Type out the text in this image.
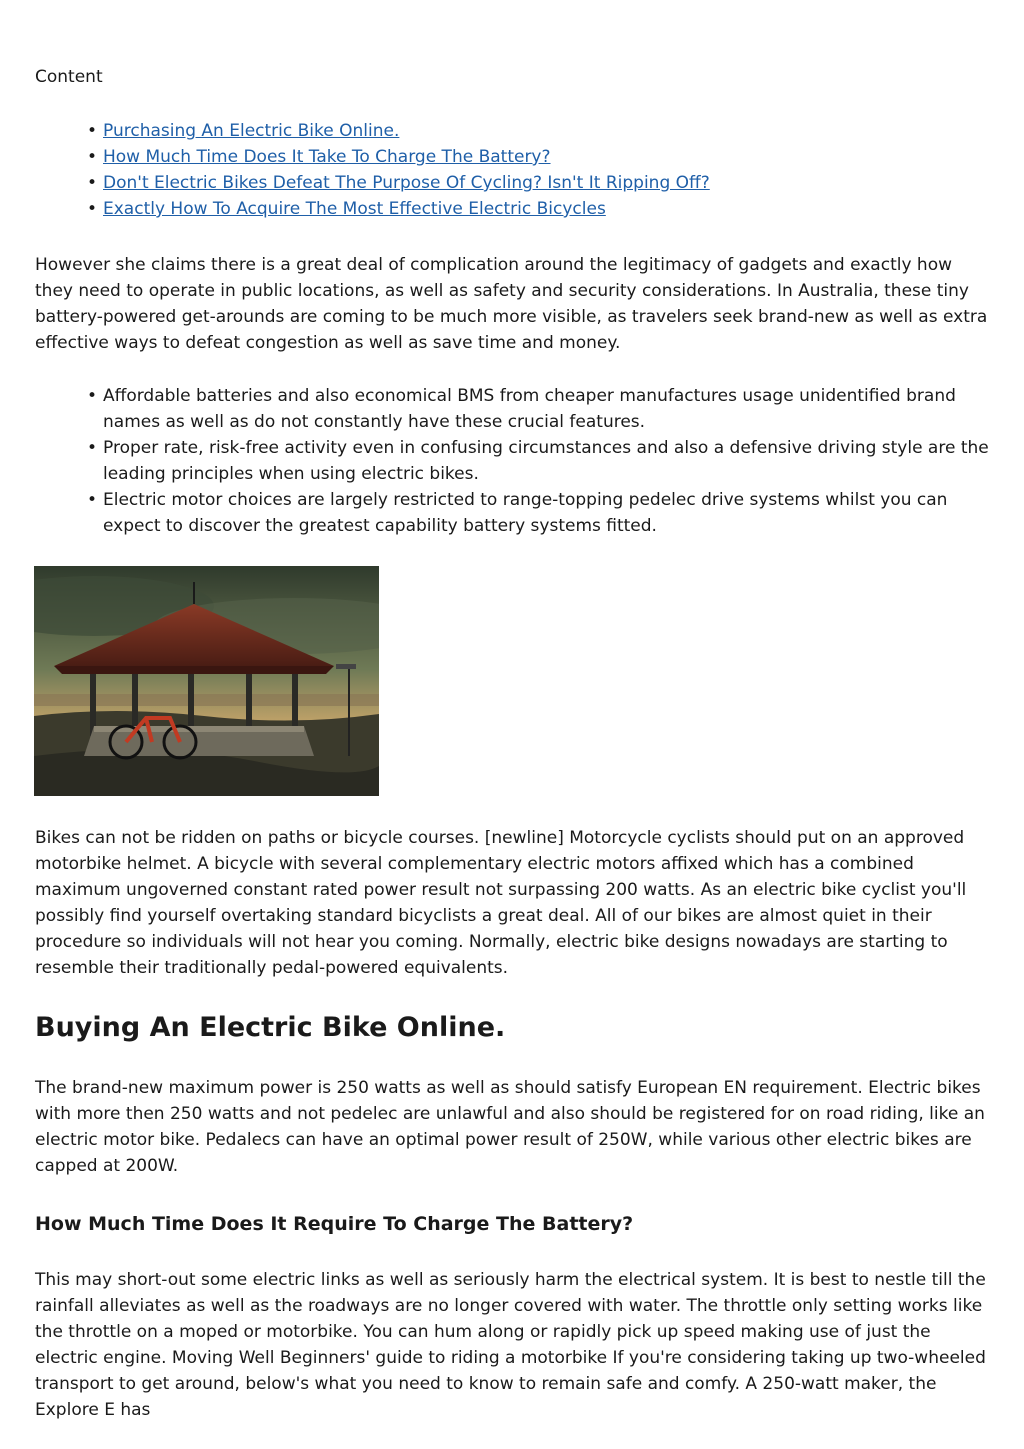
Content

• Purchasing An Electric Bike Online.
• How Much Time Does It Take To Charge The Battery?
• Don't Electric Bikes Defeat The Purpose Of Cycling? Isn't It Ripping Off?
• Exactly How To Acquire The Most Effective Electric Bicycles

However she claims there is a great deal of complication around the legitimacy of gadgets and exactly how they need to operate in public locations, as well as safety and security considerations. In Australia, these tiny battery-powered get-arounds are coming to be much more visible, as travelers seek brand-new as well as extra effective ways to defeat congestion as well as save time and money.

• Affordable batteries and also economical BMS from cheaper manufactures usage unidentified brand names as well as do not constantly have these crucial features.
• Proper rate, risk-free activity even in confusing circumstances and also a defensive driving style are the leading principles when using electric bikes.
• Electric motor choices are largely restricted to range-topping pedelec drive systems whilst you can expect to discover the greatest capability battery systems fitted.

Bikes can not be ridden on paths or bicycle courses. [newline] Motorcycle cyclists should put on an approved motorbike helmet. A bicycle with several complementary electric motors affixed which has a combined maximum ungoverned constant rated power result not surpassing 200 watts. As an electric bike cyclist you'll possibly find yourself overtaking standard bicyclists a great deal. All of our bikes are almost quiet in their procedure so individuals will not hear you coming. Normally, electric bike designs nowadays are starting to resemble their traditionally pedal-powered equivalents.

Buying An Electric Bike Online.

The brand-new maximum power is 250 watts as well as should satisfy European EN requirement. Electric bikes with more then 250 watts and not pedelec are unlawful and also should be registered for on road riding, like an electric motor bike. Pedalecs can have an optimal power result of 250W, while various other electric bikes are capped at 200W.

How Much Time Does It Require To Charge The Battery?

This may short-out some electric links as well as seriously harm the electrical system. It is best to nestle till the rainfall alleviates as well as the roadways are no longer covered with water. The throttle only setting works like the throttle on a moped or motorbike. You can hum along or rapidly pick up speed making use of just the electric engine. Moving Well Beginners' guide to riding a motorbike If you're considering taking up two-wheeled transport to get around, below's what you need to know to remain safe and comfy. A 250-watt maker, the Explore E has
